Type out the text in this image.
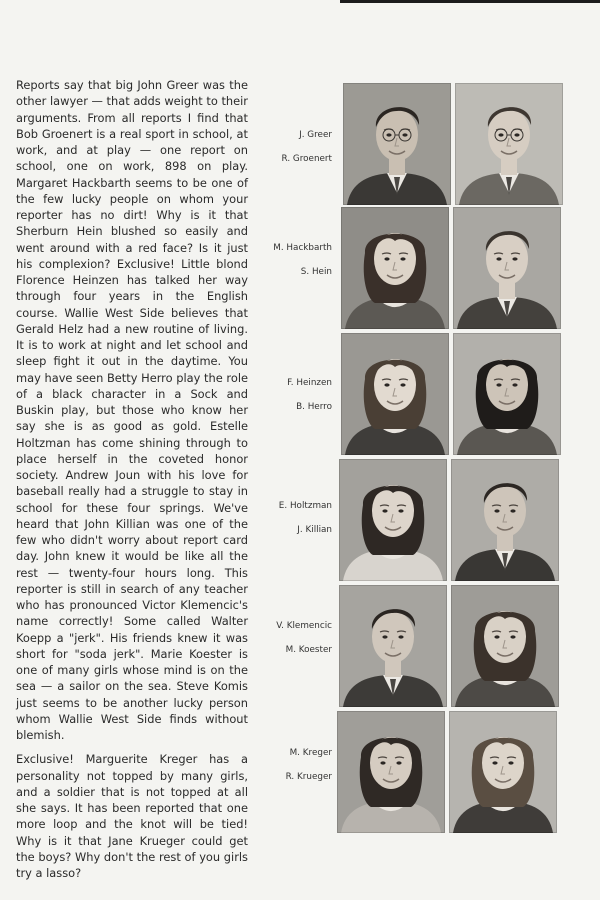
Reports say that big John Greer was the other lawyer — that adds weight to their arguments. From all reports I find that Bob Groenert is a real sport in school, at work, and at play — one report on school, one on work, 898 on play. Margaret Hackbarth seems to be one of the few lucky people on whom your reporter has no dirt! Why is it that Sherburn Hein blushed so easily and went around with a red face? Is it just his complexion? Exclusive! Little blond Florence Heinzen has talked her way through four years in the English course. Wallie West Side believes that Gerald Helz had a new routine of living. It is to work at night and let school and sleep fight it out in the daytime. You may have seen Betty Herro play the role of a black character in a Sock and Buskin play, but those who know her say she is as good as gold. Estelle Holtzman has come shining through to place herself in the coveted honor society. Andrew Joun with his love for baseball really had a struggle to stay in school for these four springs. We've heard that John Killian was one of the few who didn't worry about report card day. John knew it would be like all the rest — twenty-four hours long. This reporter is still in search of any teacher who has pronounced Victor Klemencic's name correctly! Some called Walter Koepp a "jerk". His friends knew it was short for "soda jerk". Marie Koester is one of many girls whose mind is on the sea — a sailor on the sea. Steve Komis just seems to be another lucky person whom Wallie West Side finds without blemish.

Exclusive! Marguerite Kreger has a personality not topped by many girls, and a soldier that is not topped at all she says. It has been reported that one more loop and the knot will be tied! Why is it that Jane Krueger could get the boys? Why don't the rest of you girls try a lasso?

J. Greer
R. Groenert
M. Hackbarth
S. Hein
F. Heinzen
B. Herro
E. Holtzman
J. Killian
V. Klemencic
M. Koester
M. Kreger
R. Krueger
